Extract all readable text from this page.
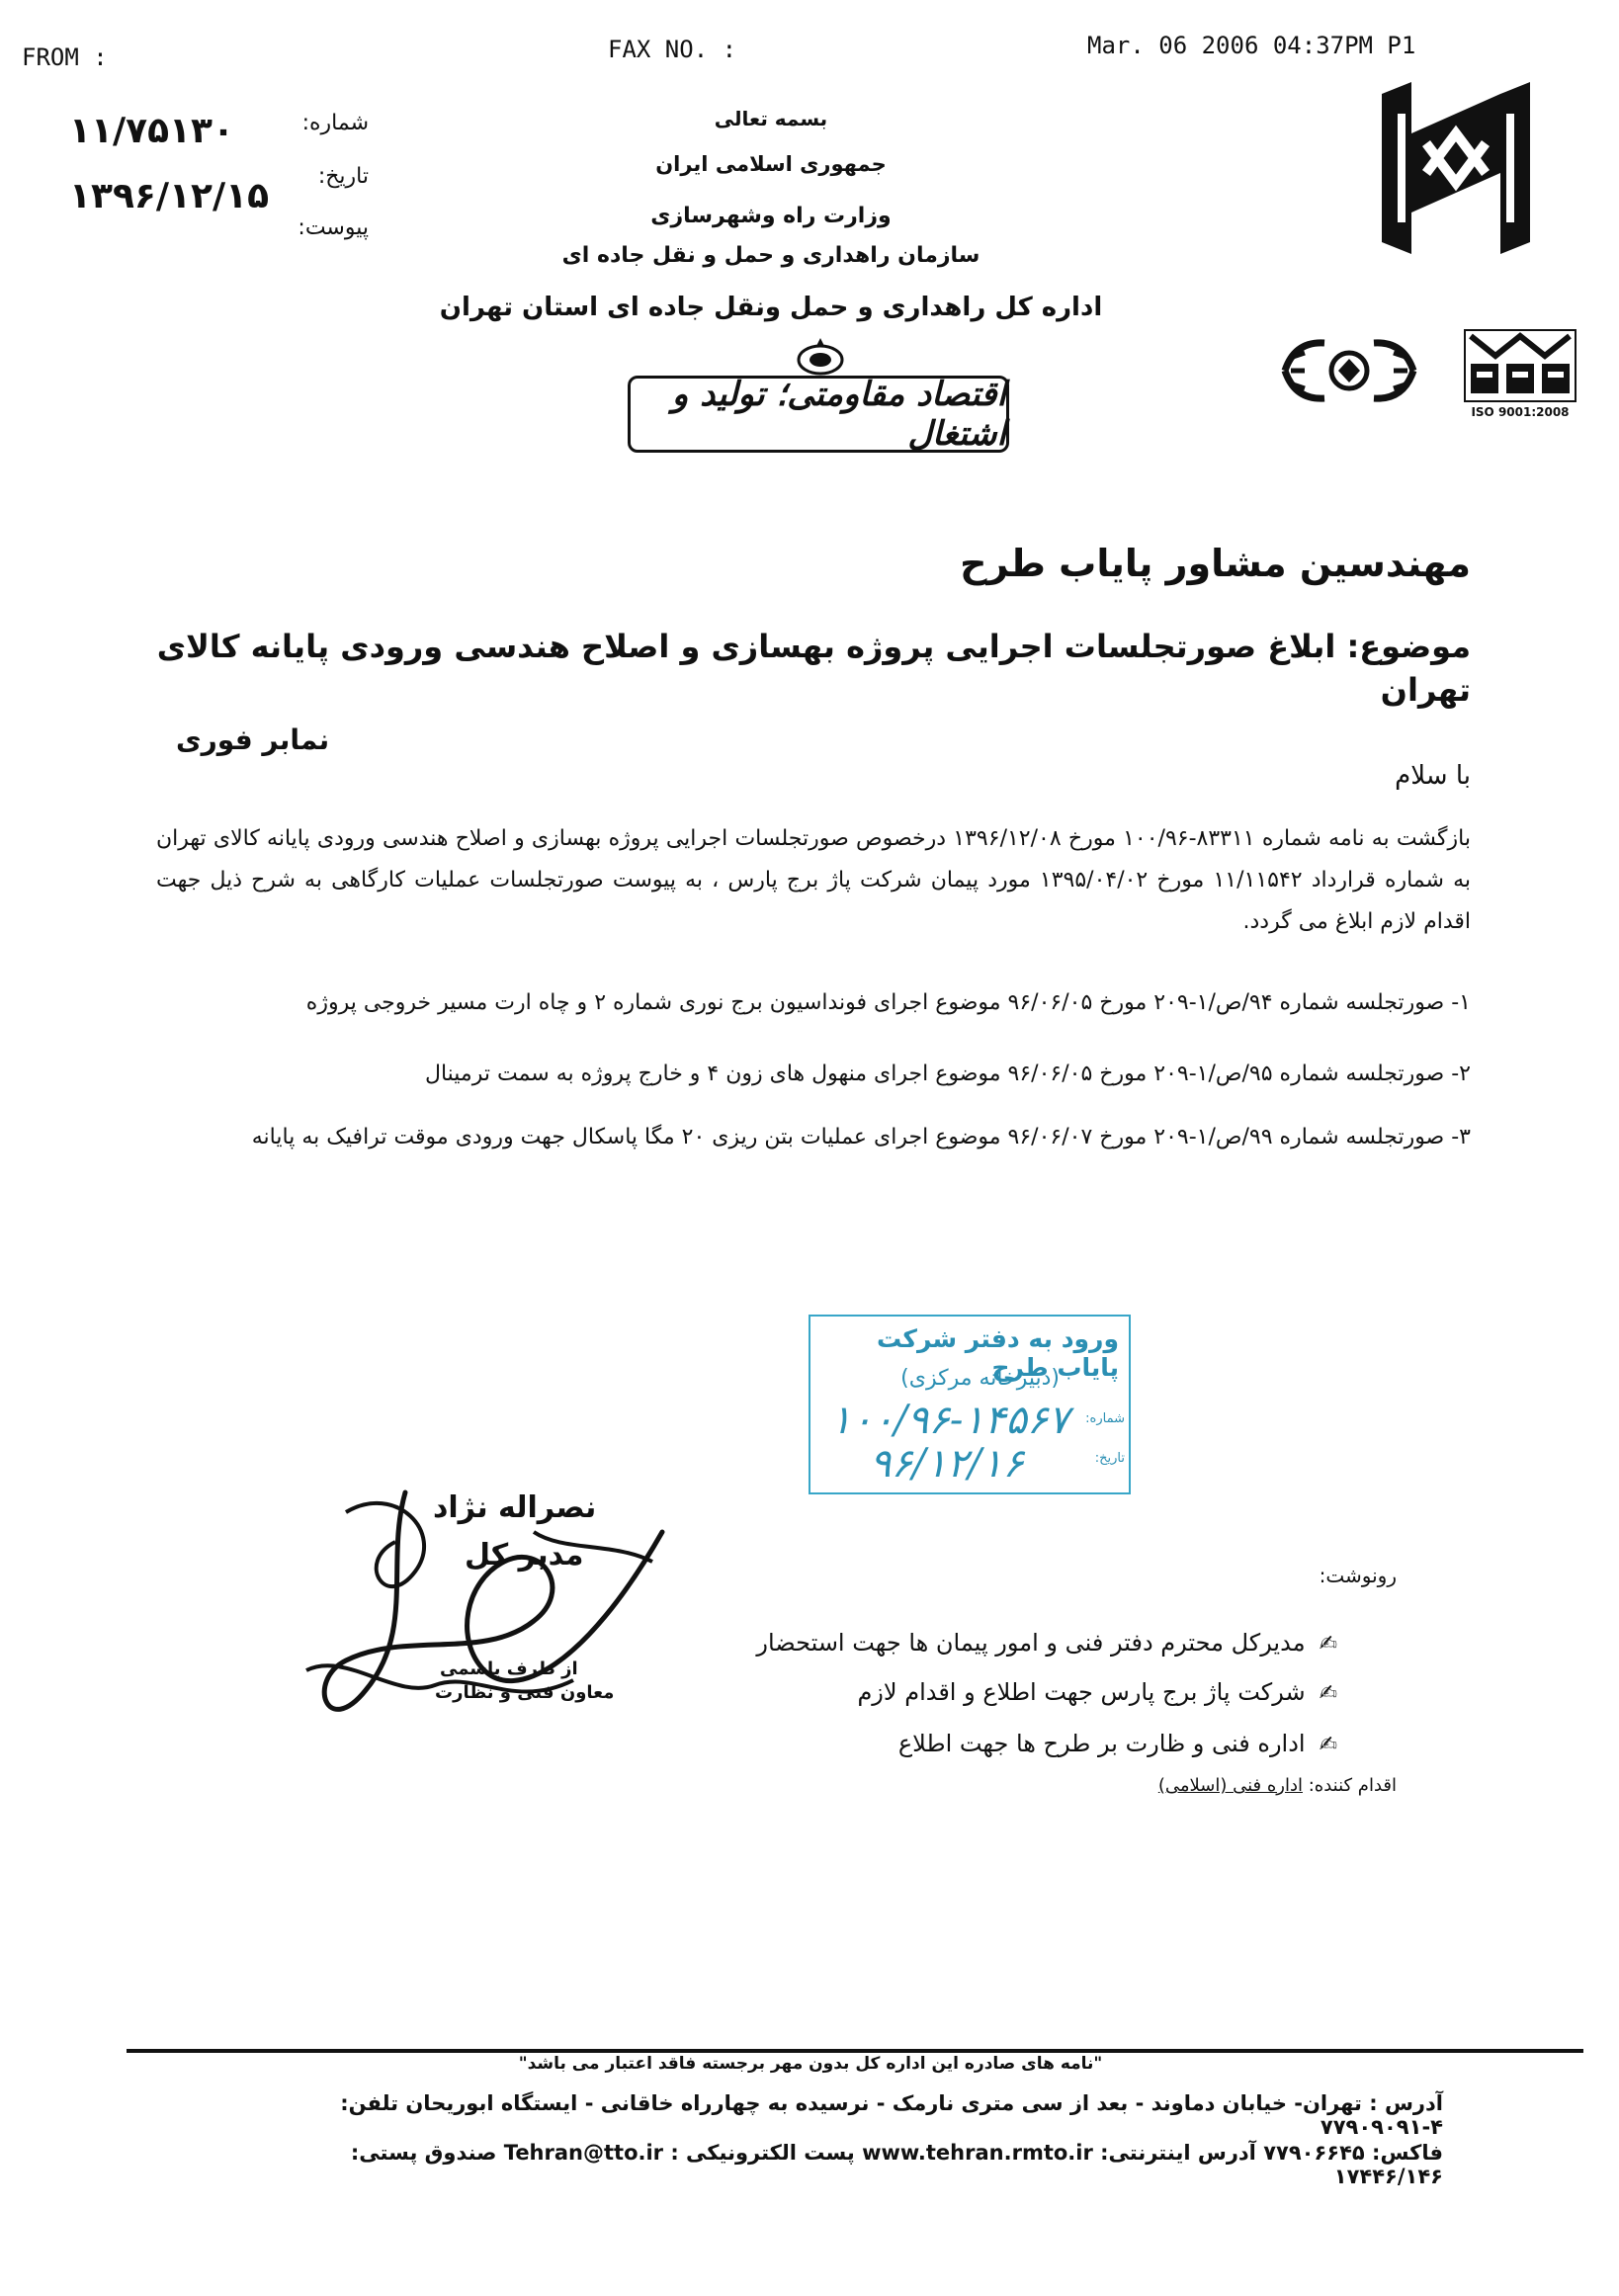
FROM :	FAX NO. :	Mar. 06 2006 04:37PM P1
۱۱/۷۵۱۳۰
۱۳۹۶/۱۲/۱۵
شماره:
تاریخ:
پیوست:
بسمه تعالی
جمهوری اسلامی ایران
وزارت راه وشهرسازی
سازمان راهداری و حمل و نقل جاده ای
اداره کل راهداری و حمل ونقل جاده ای استان تهران
اقتصاد مقاومتی؛ تولید و اشتغال
ISO 9001:2008
مهندسین مشاور پایاب طرح
موضوع: ابلاغ صورتجلسات اجرایی پروژه بهسازی و اصلاح هندسی ورودی پایانه کالای تهران
نمابر فوری
با سلام
بازگشت به نامه شماره ۸۳۳۱۱-۱۰۰/۹۶ مورخ ۱۳۹۶/۱۲/۰۸ درخصوص صورتجلسات اجرایی پروژه بهسازی و اصلاح هندسی ورودی پایانه کالای تهران به شماره قرارداد ۱۱/۱۱۵۴۲ مورخ ۱۳۹۵/۰۴/۰۲ مورد پیمان شرکت پاژ برج پارس ، به پیوست صورتجلسات عملیات کارگاهی به شرح ذیل جهت اقدام لازم ابلاغ می گردد.
۱- صورتجلسه شماره ۹۴/ص/۱-۲۰۹ مورخ ۹۶/۰۶/۰۵ موضوع اجرای فونداسیون برج نوری شماره ۲ و چاه ارت مسیر خروجی پروژه
۲- صورتجلسه شماره ۹۵/ص/۱-۲۰۹ مورخ ۹۶/۰۶/۰۵ موضوع اجرای منهول های زون ۴ و خارج پروژه به سمت ترمینال
۳- صورتجلسه شماره ۹۹/ص/۱-۲۰۹ مورخ ۹۶/۰۶/۰۷ موضوع اجرای عملیات بتن ریزی ۲۰ مگا پاسکال جهت ورودی موقت ترافیک به پایانه
ورود به دفتر شرکت پایاب طرح
(دبیرخانه مرکزی)
شماره:
تاریخ:
۱۰۰/۹۶-۱۴۵۶۷
۹۶/۱۲/۱۶
نصراله نژاد
مدیر کل
از طرف یاسمی
معاون فنی و نظارت
رونوشت:
✍مدیرکل محترم دفتر فنی و امور پیمان ها جهت استحضار
✍شرکت پاژ برج پارس جهت اطلاع و اقدام لازم
✍اداره فنی و ظارت بر طرح ها جهت اطلاع
اقدام کننده: اداره فنی (اسلامی)
"نامه های صادره این اداره کل بدون مهر برجسته فاقد اعتبار می باشد"
آدرس : تهران- خیابان دماوند - بعد از سی متری نارمک - نرسیده به چهارراه خاقانی - ایستگاه ابوریحان تلفن: ۴-۷۷۹۰۹۰۹۱
فاکس: ۷۷۹۰۶۶۴۵ آدرس اینترنتی: www.tehran.rmto.ir پست الکترونیکی : Tehran@tto.ir صندوق پستی: ۱۷۴۴۶/۱۴۶
